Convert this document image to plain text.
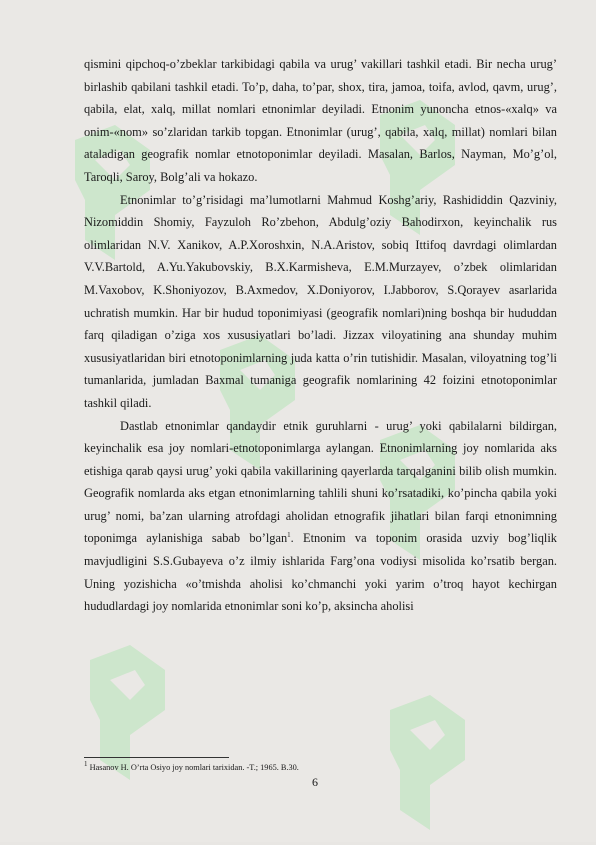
qismini qipchoq-o’zbeklar tarkibidagi qabila va urug’ vakillari tashkil etadi. Bir necha urug’ birlashib qabilani tashkil etadi. To’p, daha, to’par, shox, tira, jamoa, toifa, avlod, qavm, urug’, qabila, elat, xalq, millat nomlari etnonimlar deyiladi. Etnonim yunoncha etnos-«xalq» va onim-«nom» so’zlaridan tarkib topgan. Etnonimlar (urug’, qabila, xalq, millat) nomlari bilan ataladigan geografik nomlar etnotoponimlar deyiladi. Masalan, Barlos, Nayman, Mo’g’ol, Taroqli, Saroy, Bolg’ali va hokazo.

Etnonimlar to’g’risidagi ma’lumotlarni Mahmud Koshg’ariy, Rashididdin Qazviniy, Nizomiddin Shomiy, Fayzuloh Ro’zbehon, Abdulg’oziy Bahodirxon, keyinchalik rus olimlaridan N.V. Xanikov, A.P.Xoroshxin, N.A.Aristov, sobiq Ittifoq davrdagi olimlardan V.V.Bartold, A.Yu.Yakubovskiy, B.X.Karmisheva, E.M.Murzayev, o’zbek olimlaridan M.Vaxobov, K.Shoniyozov, B.Axmedov, X.Doniyorov, I.Jabborov, S.Qorayev asarlarida uchratish mumkin. Har bir hudud toponimiyasi (geografik nomlari)ning boshqa bir hududdan farq qiladigan o’ziga xos xususiyatlari bo’ladi. Jizzax viloyatining ana shunday muhim xususiyatlaridan biri etnotoponimlarning juda katta o’rin tutishidir. Masalan, viloyatning tog’li tumanlarida, jumladan Baxmal tumaniga geografik nomlarining 42 foizini etnotoponimlar tashkil qiladi.

Dastlab etnonimlar qandaydir etnik guruhlarni - urug’ yoki qabilalarni bildirgan, keyinchalik esa joy nomlari-etnotoponimlarga aylangan. Etnonimlarning joy nomlarida aks etishiga qarab qaysi urug’ yoki qabila vakillarining qayerlarda tarqalganini bilib olish mumkin. Geografik nomlarda aks etgan etnonimlarning tahlili shuni ko’rsatadiki, ko’pincha qabila yoki urug’ nomi, ba’zan ularning atrofdagi aholidan etnografik jihatlari bilan farqi etnonimning toponimga aylanishiga sabab bo’lgan$^1$. Etnonim va toponim orasida uzviy bog’liqlik mavjudligini S.S.Gubayeva o’z ilmiy ishlarida Farg’ona vodiysi misolida ko’rsatib bergan. Uning yozishicha «o’tmishda aholisi ko’chmanchi yoki yarim o’troq hayot kechirgan hududlardagi joy nomlarida etnonimlar soni ko’p, aksincha aholisi

$^1$ Hasanov H. O’rta Osiyo joy nomlari tarixidan. -T.; 1965. B.30.
6
